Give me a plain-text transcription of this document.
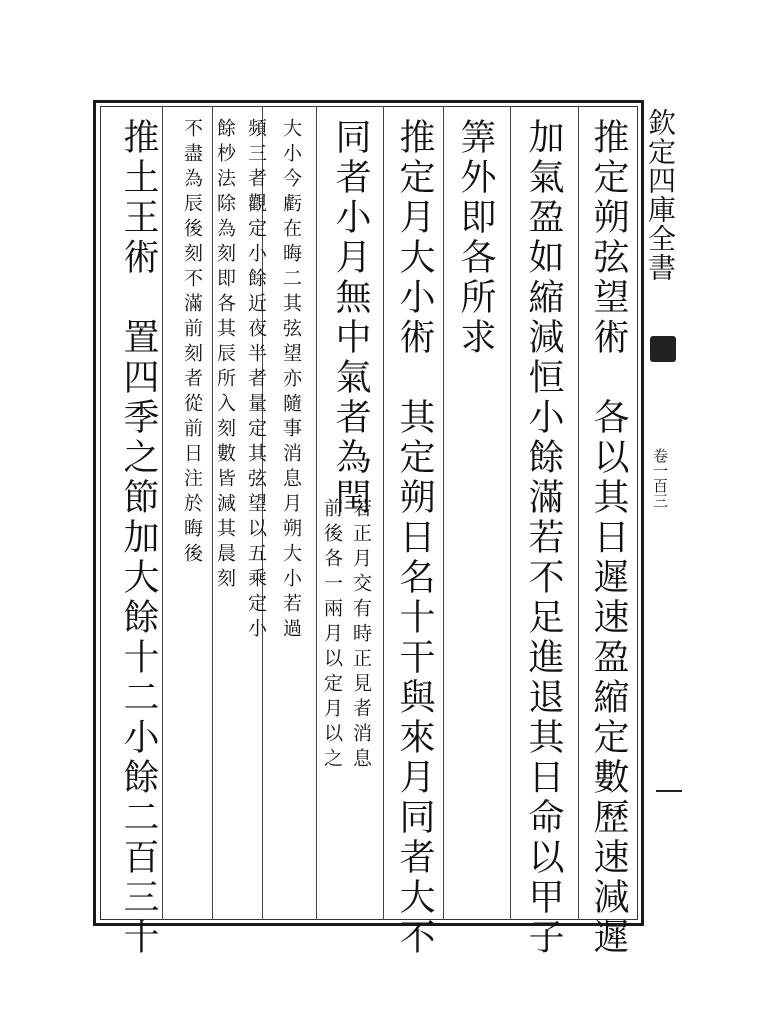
欽定四庫全書
卷一百三
推定朔弦望術　各以其日遲速盈縮定數歷速減遲
加氣盈如縮減恒小餘滿若不足進退其日命以甲子
筭外即各所求
推定月大小術　其定朔日名十干與來月同者大不
同者小月無中氣者為閏
若正月交有時正見者消息
前後各一兩月以定月以之
大小今虧在晦二其弦望亦隨事消息月朔大小若過
頻三者觀定小餘近夜半者量定其弦望以五乘定小
餘杪法除為刻即各其辰所入刻數皆減其晨刻
不盡為辰後刻不滿前刻者從前日注於晦後
推土王術　置四季之節加大餘十二小餘二百三十
